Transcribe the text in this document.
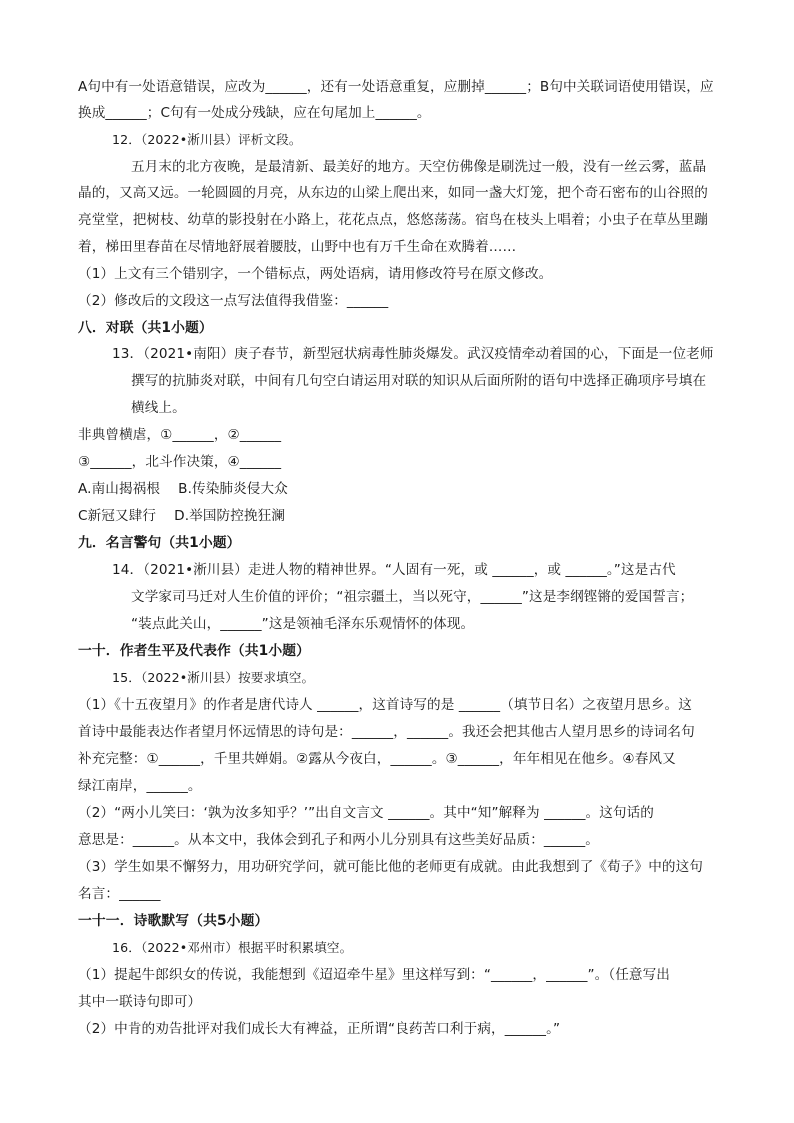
A句中有一处语意错误，应改为______，还有一处语意重复，应删掉______；B句中关联词语使用错误，应
换成______；C句有一处成分残缺，应在句尾加上______。
12．（2022•淅川县）评析文段。
五月末的北方夜晚，是最清新、最美好的地方。天空仿佛像是刷洗过一般，没有一丝云雾，蓝晶
晶的，又高又远。一轮圆圆的月亮，从东边的山梁上爬出来，如同一盏大灯笼，把个奇石密布的山谷照的
亮堂堂，把树枝、幼草的影投射在小路上，花花点点，悠悠荡荡。宿鸟在枝头上唱着；小虫子在草丛里蹦
着，梯田里春苗在尽情地舒展着腰肢，山野中也有万千生命在欢腾着……
（1）上文有三个错别字，一个错标点，两处语病，请用修改符号在原文修改。
（2）修改后的文段这一点写法值得我借鉴：______
八．对联（共1小题）
13．（2021•南阳）庚子春节，新型冠状病毒性肺炎爆发。武汉疫情牵动着国的心，下面是一位老师
撰写的抗肺炎对联，中间有几句空白请运用对联的知识从后面所附的语句中选择正确项序号填在
横线上。
非典曾横虐，①______，②______
③______，北斗作决策，④______
A.南山揭祸根　 B.传染肺炎侵大众
C新冠又肆行　 D.举国防控挽狂澜
九．名言警句（共1小题）
14．（2021•淅川县）走进人物的精神世界。“人固有一死，或 ______，或 ______。”这是古代
文学家司马迁对人生价值的评价；“祖宗疆土，当以死守，______”这是李纲铿锵的爱国誓言；
“装点此关山，______”这是领袖毛泽东乐观情怀的体现。
一十．作者生平及代表作（共1小题）
15．（2022•淅川县）按要求填空。
（1）《十五夜望月》的作者是唐代诗人 ______，这首诗写的是 ______（填节日名）之夜望月思乡。这
首诗中最能表达作者望月怀远情思的诗句是：______，______。我还会把其他古人望月思乡的诗词名句
补充完整：①______，千里共婵娟。②露从今夜白，______。③______，年年相见在他乡。④春风又
绿江南岸，______。
（2）“两小儿笑曰：‘孰为汝多知乎？’”出自文言文 ______。其中“知”解释为 ______。这句话的
意思是：______。从本文中，我体会到孔子和两小儿分别具有这些美好品质：______。
（3）学生如果不懈努力，用功研究学问，就可能比他的老师更有成就。由此我想到了《荀子》中的这句
名言：______
一十一．诗歌默写（共5小题）
16．（2022•邓州市）根据平时积累填空。
（1）提起牛郎织女的传说，我能想到《迢迢牵牛星》里这样写到：“______，______”。（任意写出
其中一联诗句即可）
（2）中肯的劝告批评对我们成长大有裨益，正所谓“良药苦口利于病，______。”
